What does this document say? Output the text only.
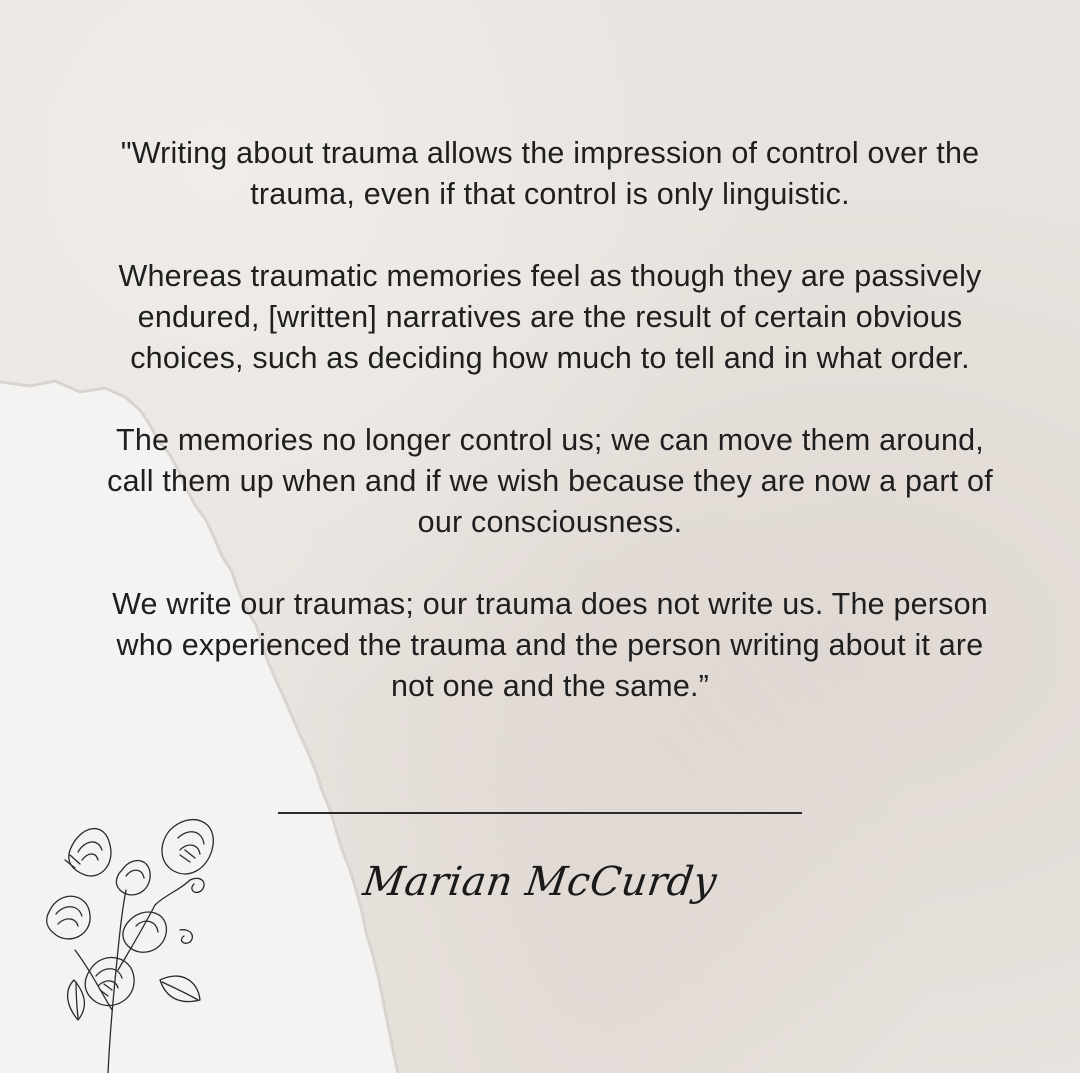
"Writing about trauma allows the impression of control over the trauma, even if that control is only linguistic.

Whereas traumatic memories feel as though they are passively endured, [written] narratives are the result of certain obvious choices, such as deciding how much to tell and in what order.

The memories no longer control us; we can move them around, call them up when and if we wish because they are now a part of our consciousness.

We write our traumas; our trauma does not write us. The person who experienced the trauma and the person writing about it are not one and the same.”

Marian McCurdy
